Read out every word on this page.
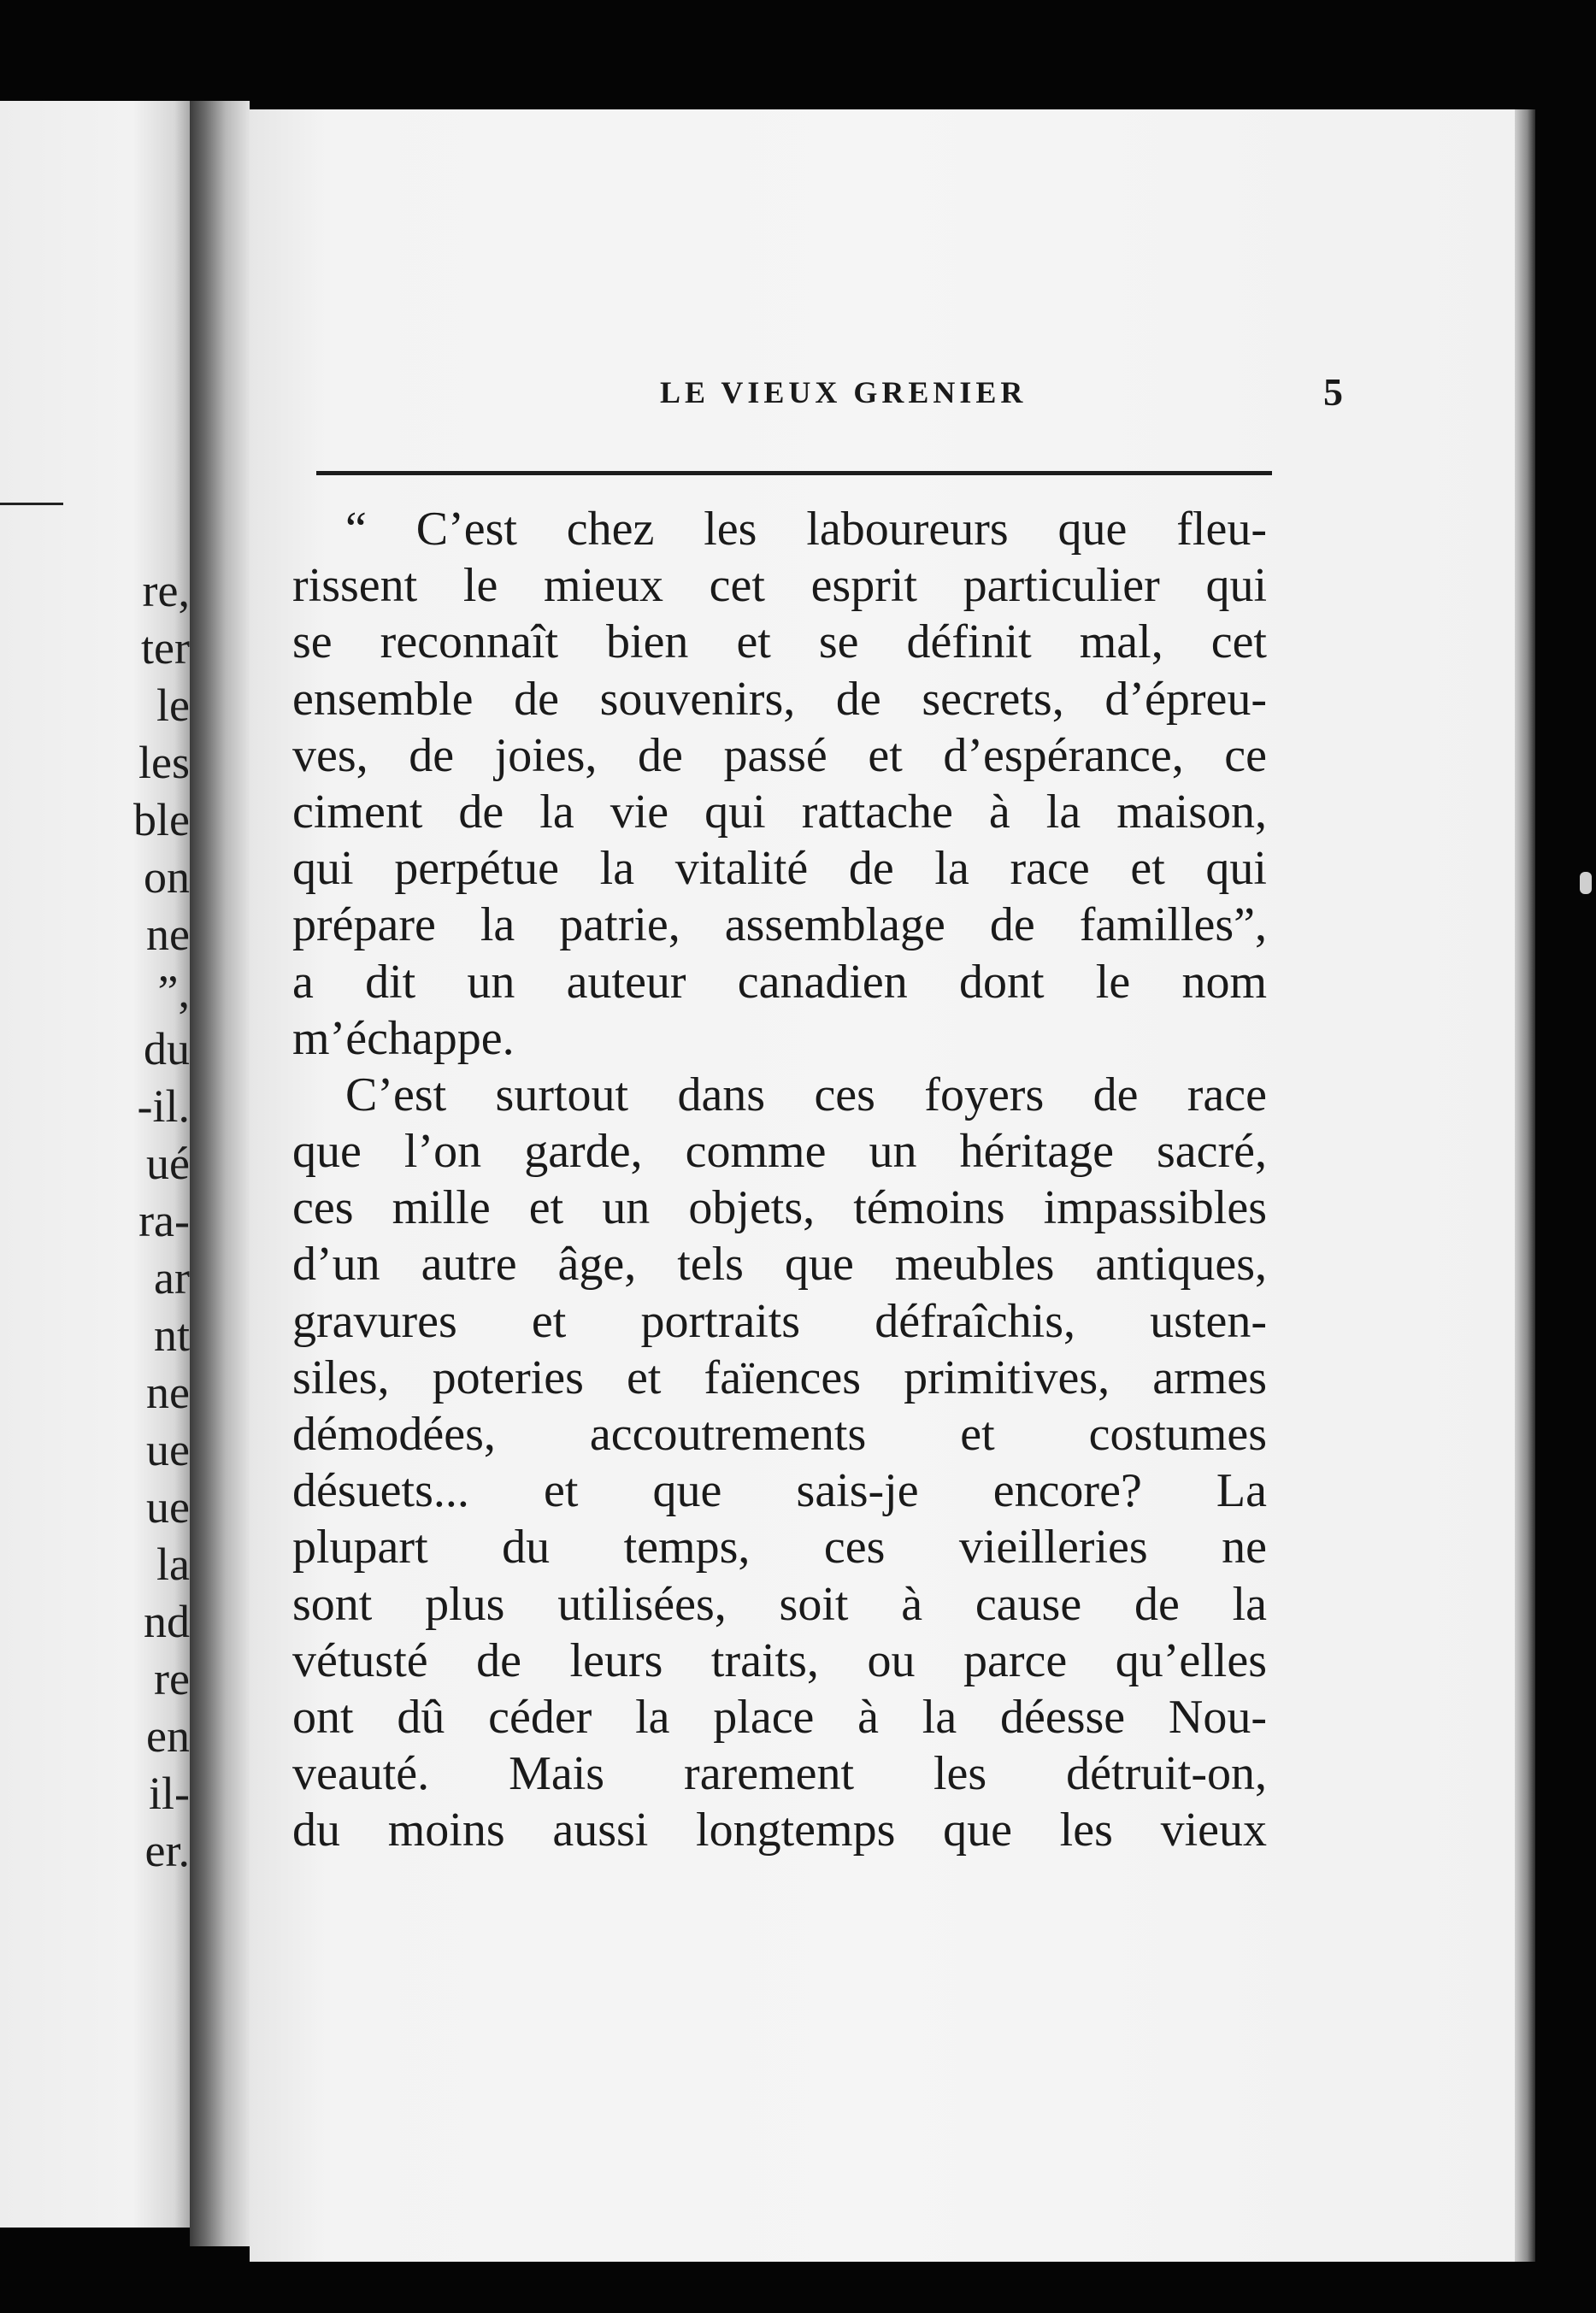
re,
ter
le
les
ble
on
ne
”,
du
-il.
ué
ra-
ar
nt
ne
ue
ue
la
nd
re
en
il-
er.
LE VIEUX GRENIER	5

“ C’est chez les laboureurs que fleu-
rissent le mieux cet esprit particulier qui
se reconnaît bien et se définit mal, cet
ensemble de souvenirs, de secrets, d’épreu-
ves, de joies, de passé et d’espérance, ce
ciment de la vie qui rattache à la maison,
qui perpétue la vitalité de la race et qui
prépare la patrie, assemblage de familles”,
a dit un auteur canadien dont le nom
m’échappe.

C’est surtout dans ces foyers de race
que l’on garde, comme un héritage sacré,
ces mille et un objets, témoins impassibles
d’un autre âge, tels que meubles antiques,
gravures et portraits défraîchis, usten-
siles, poteries et faïences primitives, armes
démodées, accoutrements et costumes
désuets... et que sais-je encore? La
plupart du temps, ces vieilleries ne
sont plus utilisées, soit à cause de la
vétusté de leurs traits, ou parce qu’elles
ont dû céder la place à la déesse Nou-
veauté. Mais rarement les détruit-on,
du moins aussi longtemps que les vieux
